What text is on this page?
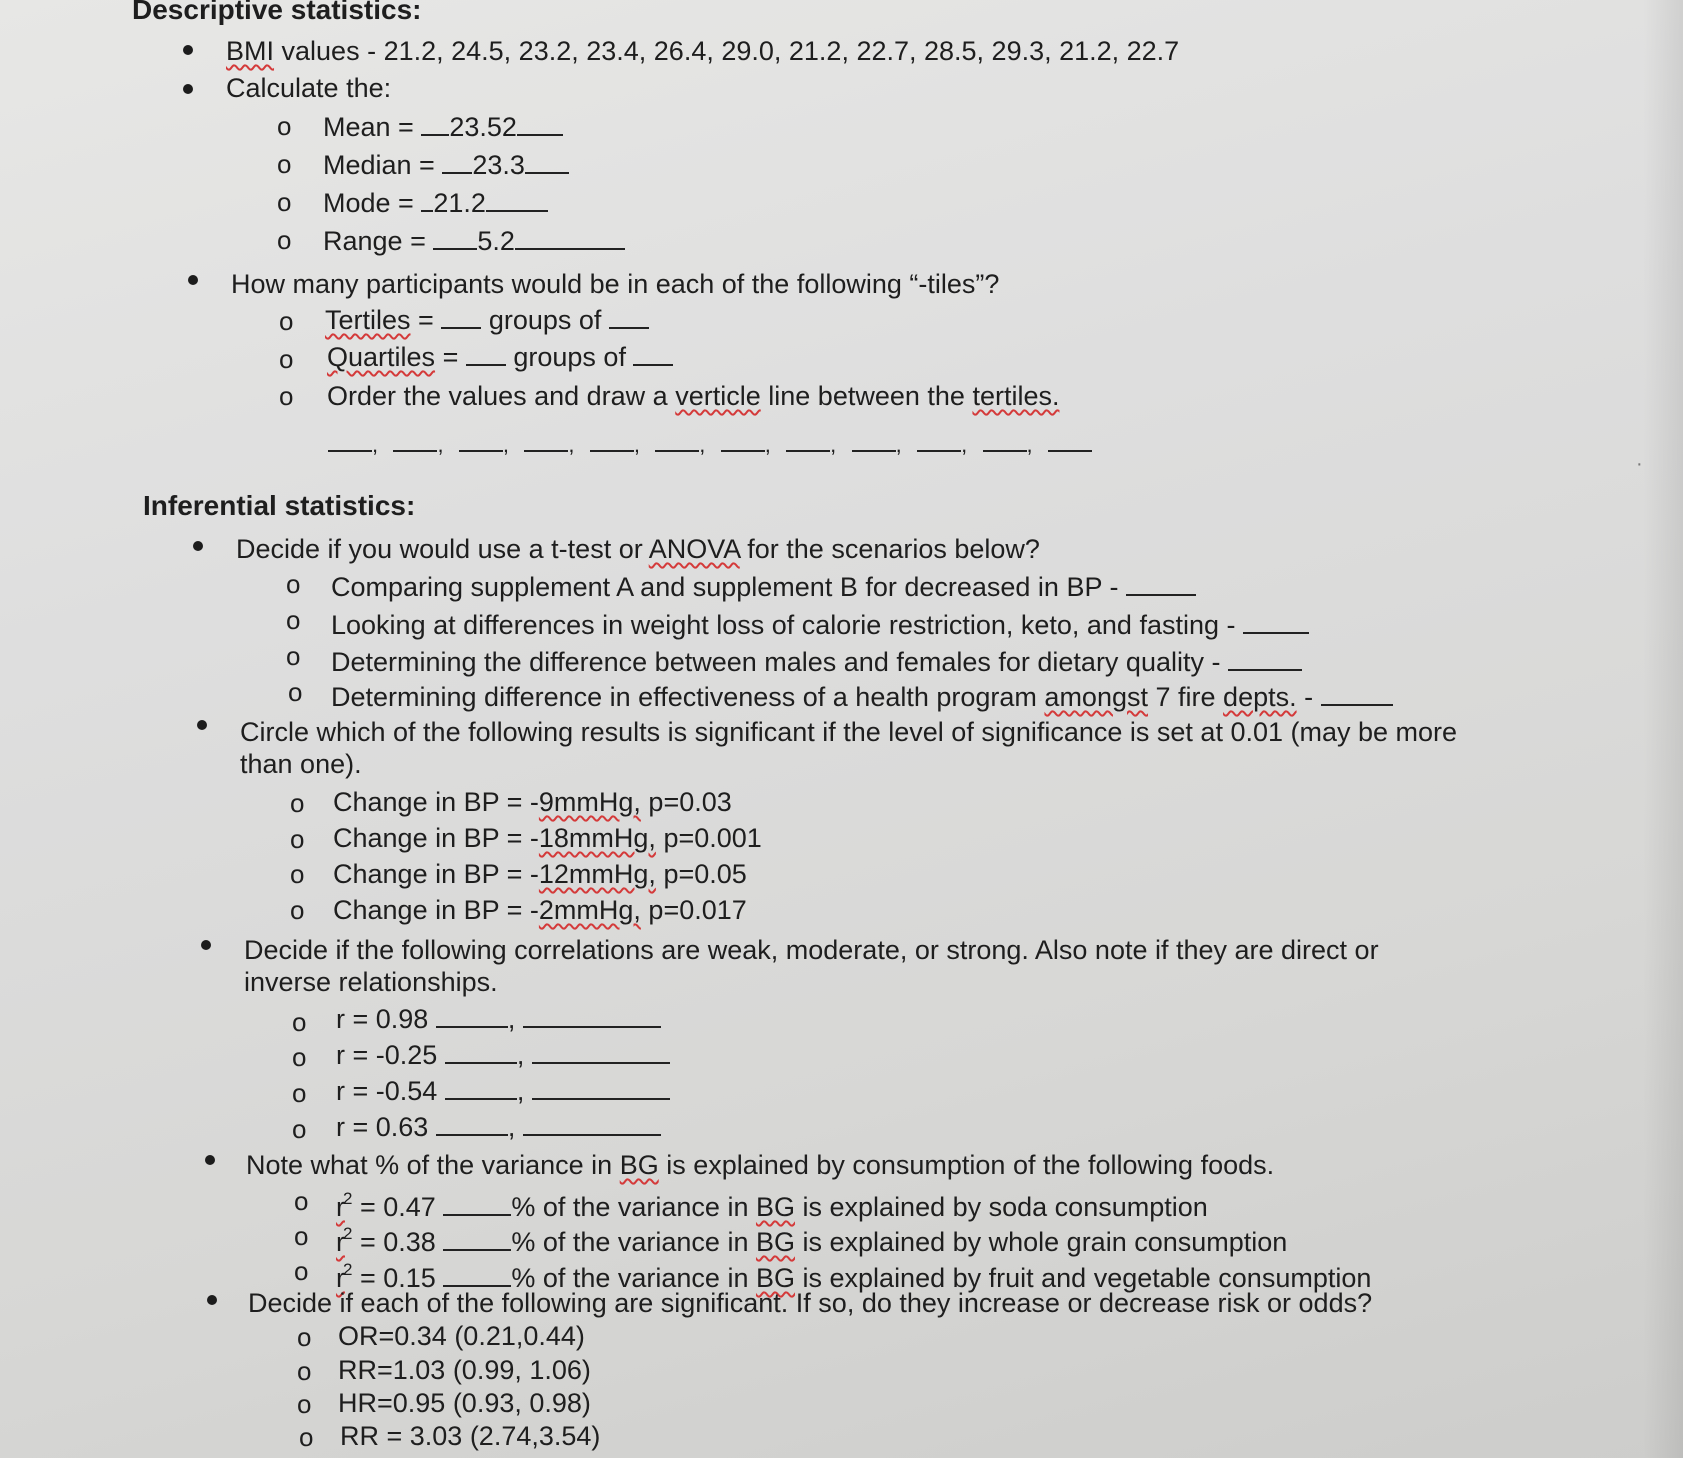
Descriptive statistics:
BMI values - 21.2, 24.5, 23.2, 23.4, 26.4, 29.0, 21.2, 22.7, 28.5, 29.3, 21.2, 22.7
Calculate the:
o Mean = 23.52
o Median = 23.3
o Mode = 21.2
o Range = 5.2
How many participants would be in each of the following “-tiles”?
o Tertiles = groups of
o Quartiles = groups of
o Order the values and draw a verticle line between the tertiles.
,	,	,	,	,	,	,	,	,	,	,
·
Inferential statistics:
Decide if you would use a t-test or ANOVA for the scenarios below?
o Comparing supplement A and supplement B for decreased in BP -
o Looking at differences in weight loss of calorie restriction, keto, and fasting -
o Determining the difference between males and females for dietary quality -
o Determining difference in effectiveness of a health program amongst 7 fire depts. -
Circle which of the following results is significant if the level of significance is set at 0.01 (may be more
than one).
o Change in BP = -9mmHg, p=0.03
o Change in BP = -18mmHg, p=0.001
o Change in BP = -12mmHg, p=0.05
o Change in BP = -2mmHg, p=0.017
Decide if the following correlations are weak, moderate, or strong. Also note if they are direct or
inverse relationships.
o r = 0.98	,
o r = -0.25	,
o r = -0.54	,
o r = 0.63	,
Note what % of the variance in BG is explained by consumption of the following foods.
o $r^2 = 0.47$	% of the variance in BG is explained by soda consumption
o $r^2 = 0.38$	% of the variance in BG is explained by whole grain consumption
o $r^2 = 0.15$	% of the variance in BG is explained by fruit and vegetable consumption
Decide if each of the following are significant. If so, do they increase or decrease risk or odds?
o OR=0.34 (0.21,0.44)
o RR=1.03 (0.99, 1.06)
o HR=0.95 (0.93, 0.98)
o RR = 3.03 (2.74,3.54)
